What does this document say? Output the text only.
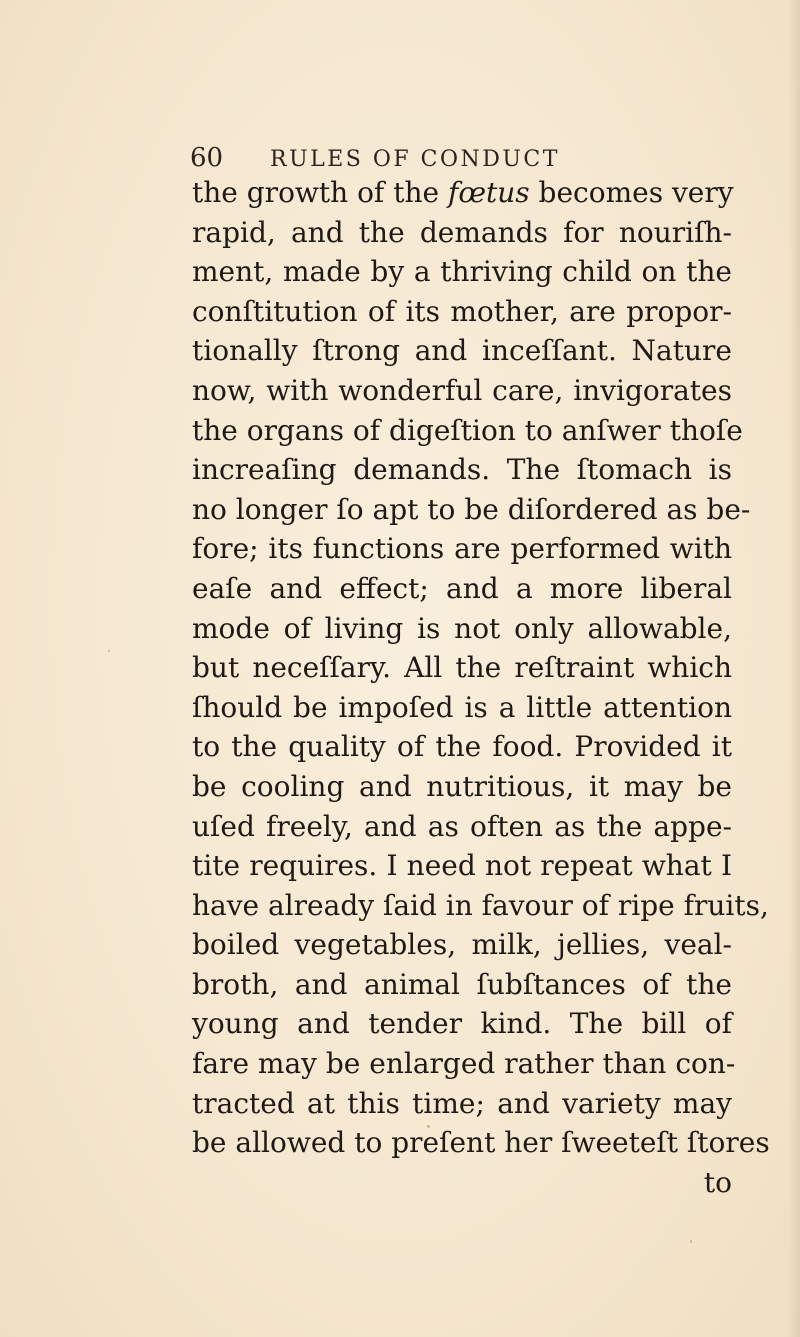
60 RULES OF CONDUCT
the growth of the fœtus becomes very
rapid, and the demands for nouriſh-
ment, made by a thriving child on the
conſtitution of its mother, are propor-
tionally ſtrong and inceſſant. Nature
now, with wonderful care, invigorates
the organs of digeſtion to anſwer thoſe
increaſing demands. The ſtomach is
no longer ſo apt to be diſordered as be-
fore; its functions are performed with
eaſe and effect; and a more liberal
mode of living is not only allowable,
but neceſſary. All the reſtraint which
ſhould be impoſed is a little attention
to the quality of the food. Provided it
be cooling and nutritious, it may be
uſed freely, and as often as the appe-
tite requires. I need not repeat what I
have already ſaid in favour of ripe fruits,
boiled vegetables, milk, jellies, veal-
broth, and animal ſubſtances of the
young and tender kind. The bill of
fare may be enlarged rather than con-
tracted at this time; and variety may
be allowed to preſent her ſweeteſt ſtores
to
